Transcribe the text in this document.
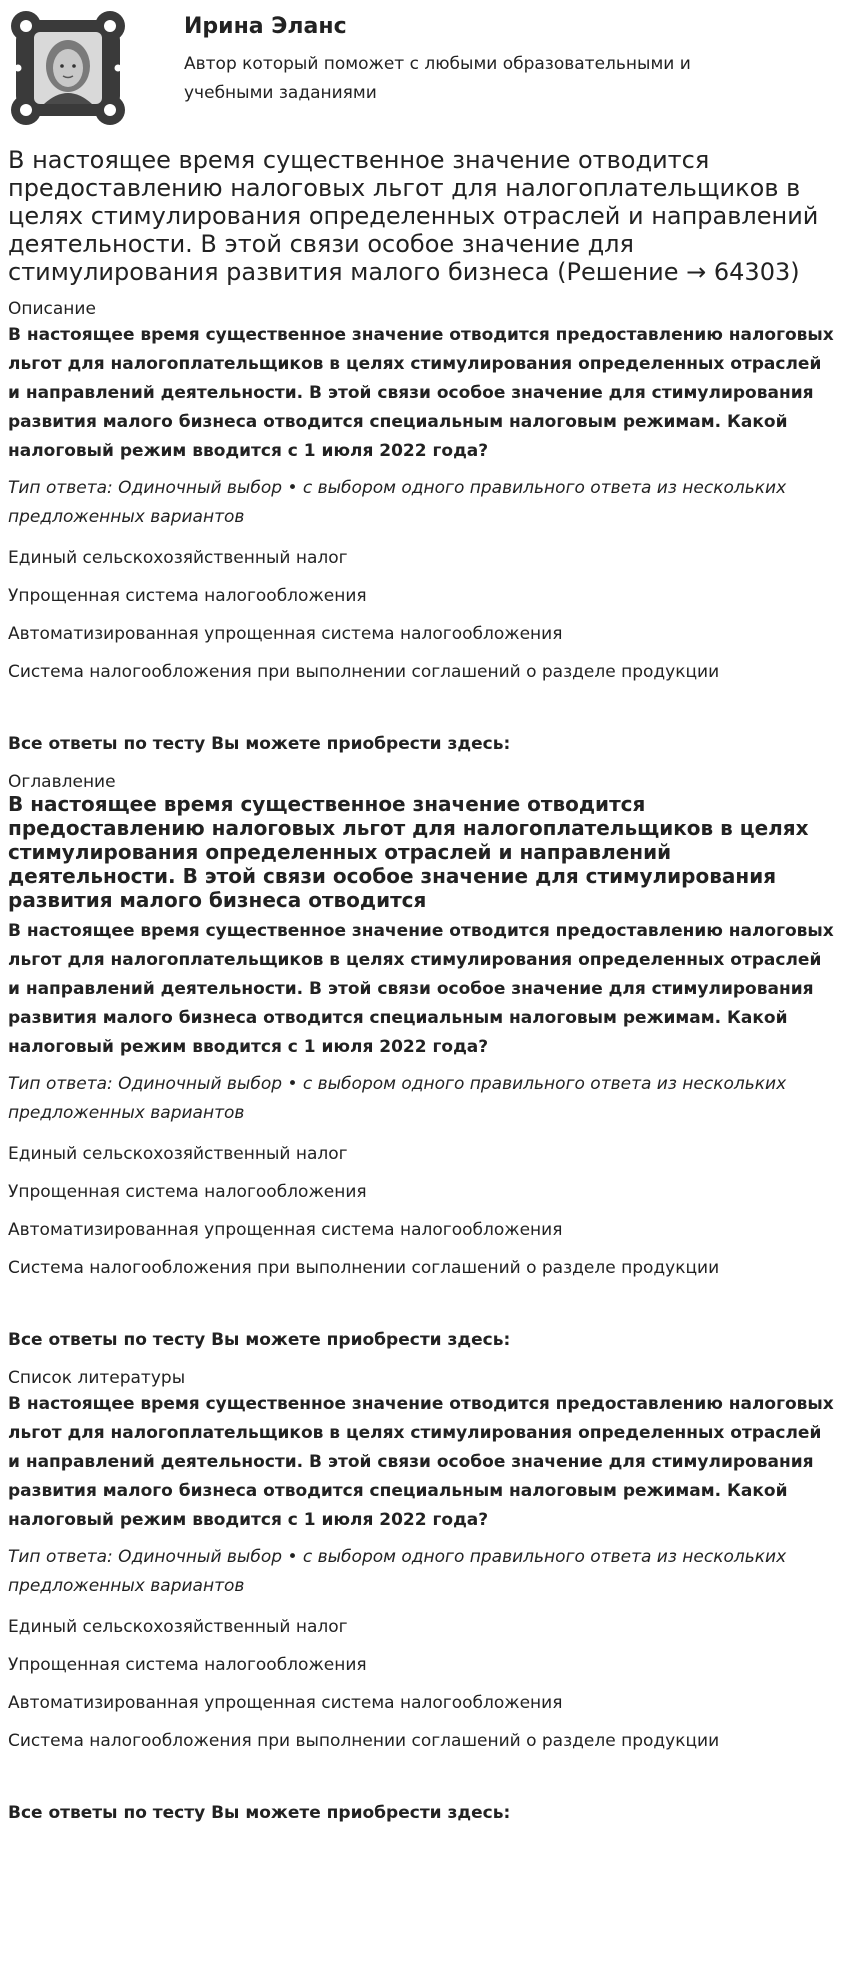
Ирина Эланс

Автор который поможет с любыми образовательными и учебными заданиями

В настоящее время существенное значение отводится предоставлению налоговых льгот для налогоплательщиков в целях стимулирования определенных отраслей и направлений деятельности. В этой связи особое значение для стимулирования развития малого бизнеса (Решение → 64303)

Описание

В настоящее время существенное значение отводится предоставлению налоговых льгот для налогоплательщиков в целях стимулирования определенных отраслей и направлений деятельности. В этой связи особое значение для стимулирования развития малого бизнеса отводится специальным налоговым режимам. Какой налоговый режим вводится с 1 июля 2022 года?

Тип ответа: Одиночный выбор • с выбором одного правильного ответа из нескольких предложенных вариантов

Единый сельскохозяйственный налог
Упрощенная система налогообложения
Автоматизированная упрощенная система налогообложения
Система налогообложения при выполнении соглашений о разделе продукции

Все ответы по тесту Вы можете приобрести здесь:

Оглавление

В настоящее время существенное значение отводится предоставлению налоговых льгот для налогоплательщиков в целях стимулирования определенных отраслей и направлений деятельности. В этой связи особое значение для стимулирования развития малого бизнеса отводится

В настоящее время существенное значение отводится предоставлению налоговых льгот для налогоплательщиков в целях стимулирования определенных отраслей и направлений деятельности. В этой связи особое значение для стимулирования развития малого бизнеса отводится специальным налоговым режимам. Какой налоговый режим вводится с 1 июля 2022 года?

Тип ответа: Одиночный выбор • с выбором одного правильного ответа из нескольких предложенных вариантов

Единый сельскохозяйственный налог
Упрощенная система налогообложения
Автоматизированная упрощенная система налогообложения
Система налогообложения при выполнении соглашений о разделе продукции

Все ответы по тесту Вы можете приобрести здесь:

Список литературы

В настоящее время существенное значение отводится предоставлению налоговых льгот для налогоплательщиков в целях стимулирования определенных отраслей и направлений деятельности. В этой связи особое значение для стимулирования развития малого бизнеса отводится специальным налоговым режимам. Какой налоговый режим вводится с 1 июля 2022 года?

Тип ответа: Одиночный выбор • с выбором одного правильного ответа из нескольких предложенных вариантов

Единый сельскохозяйственный налог
Упрощенная система налогообложения
Автоматизированная упрощенная система налогообложения
Система налогообложения при выполнении соглашений о разделе продукции

Все ответы по тесту Вы можете приобрести здесь:
